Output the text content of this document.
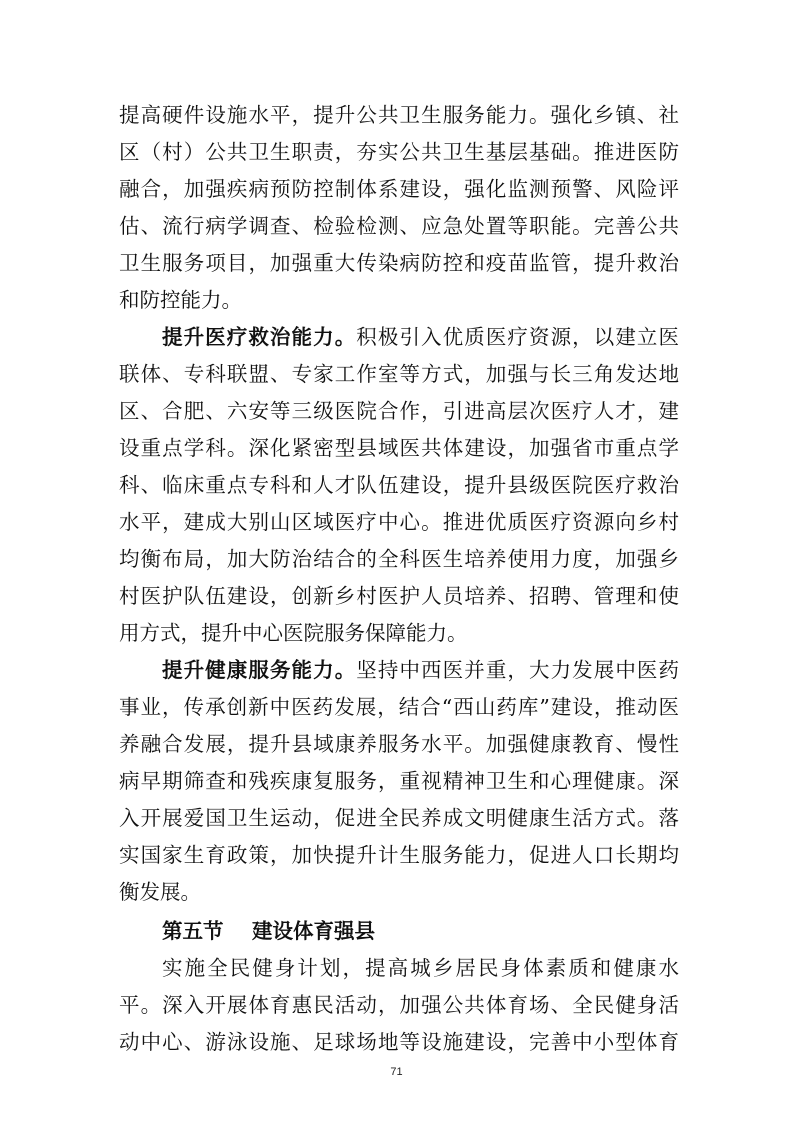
提高硬件设施水平，提升公共卫生服务能力。强化乡镇、社
区（村）公共卫生职责，夯实公共卫生基层基础。推进医防
融合，加强疾病预防控制体系建设，强化监测预警、风险评
估、流行病学调查、检验检测、应急处置等职能。完善公共
卫生服务项目，加强重大传染病防控和疫苗监管，提升救治
和防控能力。
提升医疗救治能力。积极引入优质医疗资源，以建立医
联体、专科联盟、专家工作室等方式，加强与长三角发达地
区、合肥、六安等三级医院合作，引进高层次医疗人才，建
设重点学科。深化紧密型县域医共体建设，加强省市重点学
科、临床重点专科和人才队伍建设，提升县级医院医疗救治
水平，建成大别山区域医疗中心。推进优质医疗资源向乡村
均衡布局，加大防治结合的全科医生培养使用力度，加强乡
村医护队伍建设，创新乡村医护人员培养、招聘、管理和使
用方式，提升中心医院服务保障能力。
提升健康服务能力。坚持中西医并重，大力发展中医药
事业，传承创新中医药发展，结合“西山药库”建设，推动医
养融合发展，提升县域康养服务水平。加强健康教育、慢性
病早期筛查和残疾康复服务，重视精神卫生和心理健康。深
入开展爱国卫生运动，促进全民养成文明健康生活方式。落
实国家生育政策，加快提升计生服务能力，促进人口长期均
衡发展。
第五节    建设体育强县
实施全民健身计划，提高城乡居民身体素质和健康水
平。深入开展体育惠民活动，加强公共体育场、全民健身活
71
动中心、游泳设施、足球场地等设施建设，完善中小型体育
